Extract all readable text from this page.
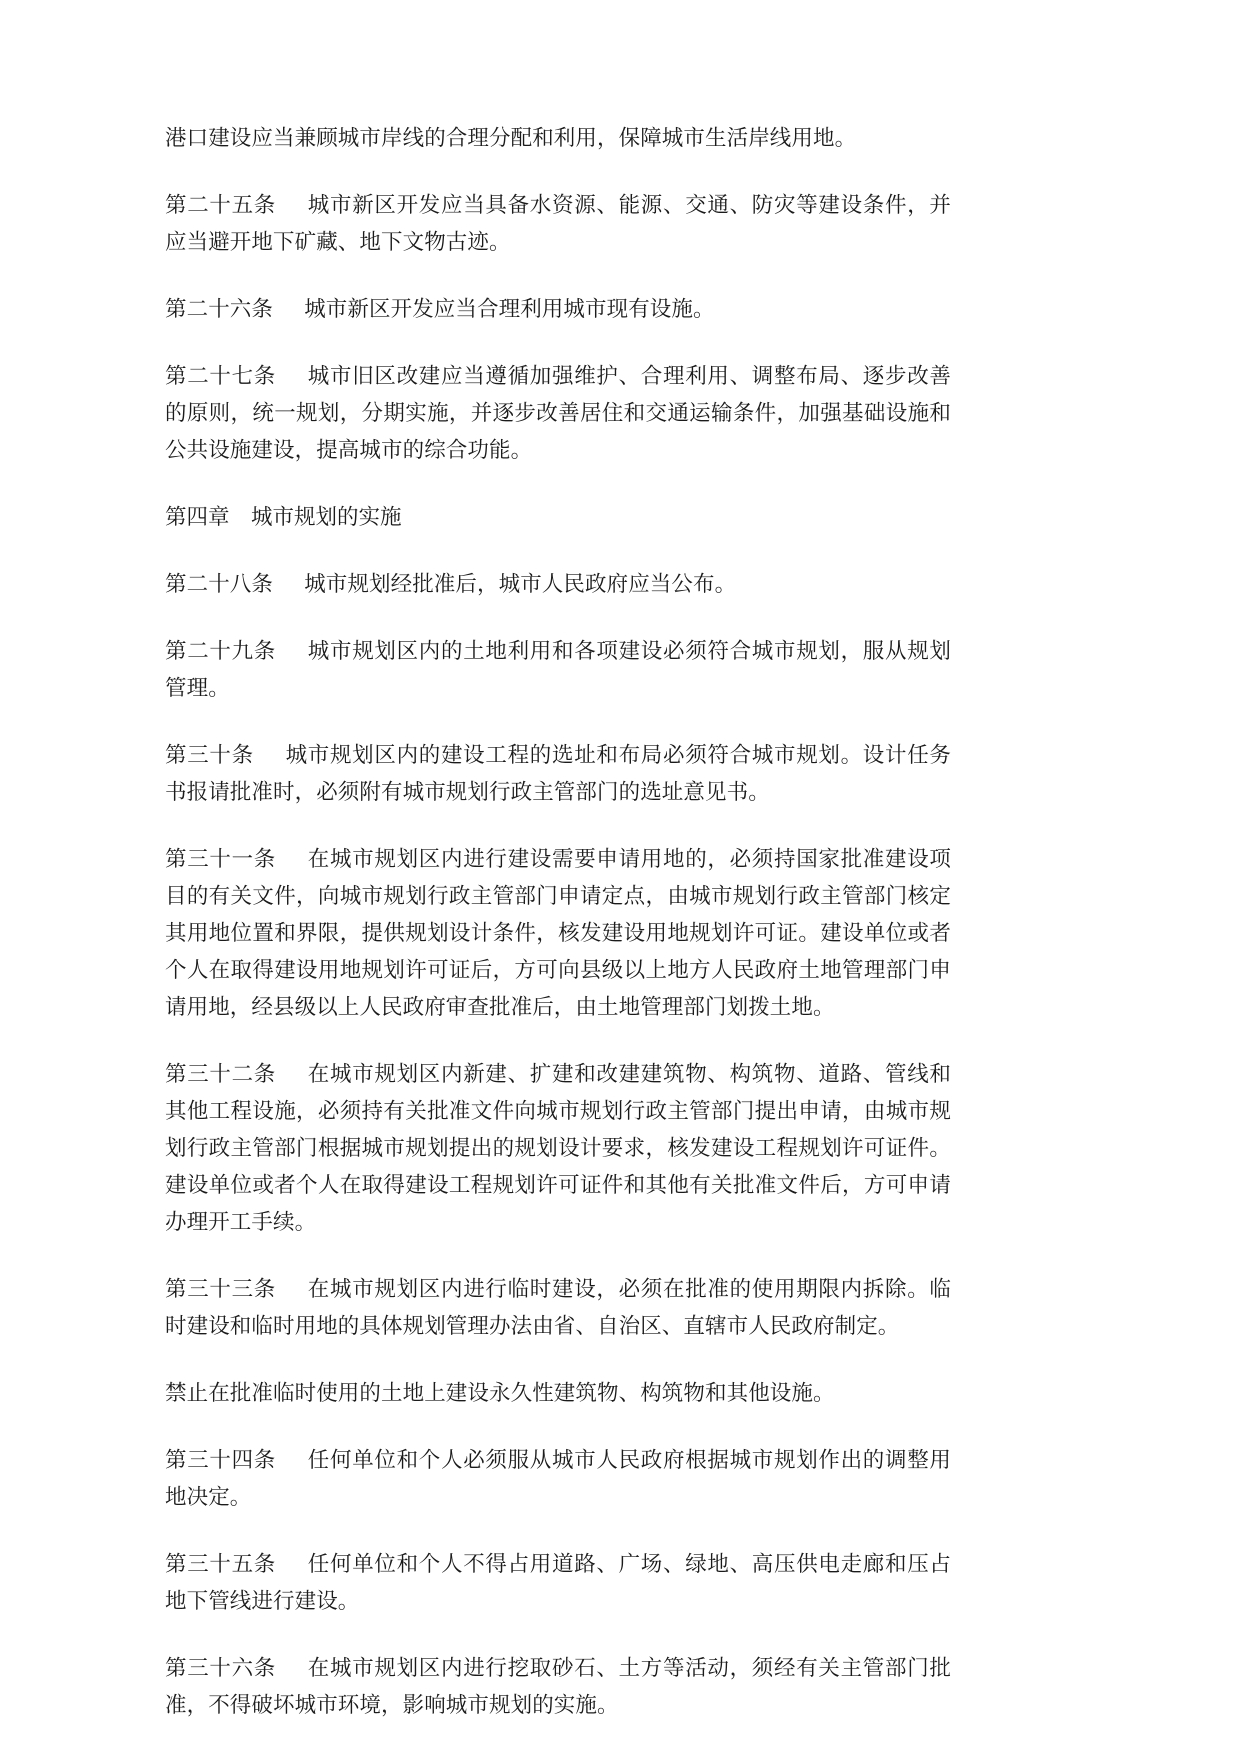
港口建设应当兼顾城市岸线的合理分配和利用，保障城市生活岸线用地。

第二十五条 城市新区开发应当具备水资源、能源、交通、防灾等建设条件，并应当避开地下矿藏、地下文物古迹。

第二十六条 城市新区开发应当合理利用城市现有设施。

第二十七条 城市旧区改建应当遵循加强维护、合理利用、调整布局、逐步改善的原则，统一规划，分期实施，并逐步改善居住和交通运输条件，加强基础设施和公共设施建设，提高城市的综合功能。

第四章 城市规划的实施

第二十八条 城市规划经批准后，城市人民政府应当公布。

第二十九条 城市规划区内的土地利用和各项建设必须符合城市规划，服从规划管理。

第三十条 城市规划区内的建设工程的选址和布局必须符合城市规划。设计任务书报请批准时，必须附有城市规划行政主管部门的选址意见书。

第三十一条 在城市规划区内进行建设需要申请用地的，必须持国家批准建设项目的有关文件，向城市规划行政主管部门申请定点，由城市规划行政主管部门核定其用地位置和界限，提供规划设计条件，核发建设用地规划许可证。建设单位或者个人在取得建设用地规划许可证后，方可向县级以上地方人民政府土地管理部门申请用地，经县级以上人民政府审查批准后，由土地管理部门划拨土地。

第三十二条 在城市规划区内新建、扩建和改建建筑物、构筑物、道路、管线和其他工程设施，必须持有关批准文件向城市规划行政主管部门提出申请，由城市规划行政主管部门根据城市规划提出的规划设计要求，核发建设工程规划许可证件。建设单位或者个人在取得建设工程规划许可证件和其他有关批准文件后，方可申请办理开工手续。

第三十三条 在城市规划区内进行临时建设，必须在批准的使用期限内拆除。临时建设和临时用地的具体规划管理办法由省、自治区、直辖市人民政府制定。

禁止在批准临时使用的土地上建设永久性建筑物、构筑物和其他设施。

第三十四条 任何单位和个人必须服从城市人民政府根据城市规划作出的调整用地决定。

第三十五条 任何单位和个人不得占用道路、广场、绿地、高压供电走廊和压占地下管线进行建设。

第三十六条 在城市规划区内进行挖取砂石、土方等活动，须经有关主管部门批准，不得破坏城市环境，影响城市规划的实施。
